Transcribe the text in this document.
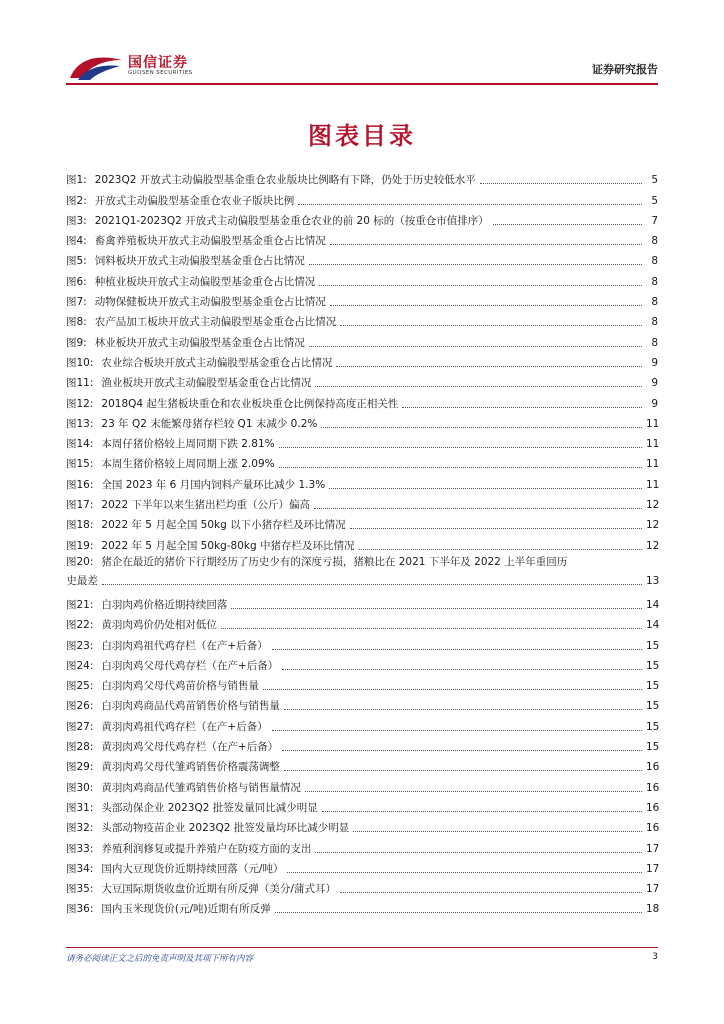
国信证券
GUOSEN SECURITIES	证券研究报告
图表目录
图1: 2023Q2 开放式主动偏股型基金重仓农业版块比例略有下降，仍处于历史较低水平	5
图2: 开放式主动偏股型基金重仓农业子版块比例	5
图3: 2021Q1-2023Q2 开放式主动偏股型基金重仓农业的前 20 标的（按重仓市值排序）	7
图4: 畜禽养殖板块开放式主动偏股型基金重仓占比情况	8
图5: 饲料板块开放式主动偏股型基金重仓占比情况	8
图6: 种植业板块开放式主动偏股型基金重仓占比情况	8
图7: 动物保健板块开放式主动偏股型基金重仓占比情况	8
图8: 农产品加工板块开放式主动偏股型基金重仓占比情况	8
图9: 林业板块开放式主动偏股型基金重仓占比情况	8
图10: 农业综合板块开放式主动偏股型基金重仓占比情况	9
图11: 渔业板块开放式主动偏股型基金重仓占比情况	9
图12: 2018Q4 起生猪板块重仓和农业板块重仓比例保持高度正相关性	9
图13: 23 年 Q2 末能繁母猪存栏较 Q1 末减少 0.2%	11
图14: 本周仔猪价格较上周同期下跌 2.81%	11
图15: 本周生猪价格较上周同期上涨 2.09%	11
图16: 全国 2023 年 6 月国内饲料产量环比减少 1.3%	11
图17: 2022 下半年以来生猪出栏均重（公斤）偏高	12
图18: 2022 年 5 月起全国 50kg 以下小猪存栏及环比情况	12
图19: 2022 年 5 月起全国 50kg-80kg 中猪存栏及环比情况	12
图20: 猪企在最近的猪价下行期经历了历史少有的深度亏损，猪粮比在 2021 下半年及 2022 上半年重回历
史最差	13
图21: 白羽肉鸡价格近期持续回落	14
图22: 黄羽肉鸡价仍处相对低位	14
图23: 白羽肉鸡祖代鸡存栏（在产+后备）	15
图24: 白羽肉鸡父母代鸡存栏（在产+后备）	15
图25: 白羽肉鸡父母代鸡苗价格与销售量	15
图26: 白羽肉鸡商品代鸡苗销售价格与销售量	15
图27: 黄羽肉鸡祖代鸡存栏（在产+后备）	15
图28: 黄羽肉鸡父母代鸡存栏（在产+后备）	15
图29: 黄羽肉鸡父母代雏鸡销售价格震荡调整	16
图30: 黄羽肉鸡商品代雏鸡销售价格与销售量情况	16
图31: 头部动保企业 2023Q2 批签发量同比减少明显	16
图32: 头部动物疫苗企业 2023Q2 批签发量均环比减少明显	16
图33: 养殖利润修复或提升养殖户在防疫方面的支出	17
图34: 国内大豆现货价近期持续回落（元/吨）	17
图35: 大豆国际期货收盘价近期有所反弹（美分/蒲式耳）	17
图36: 国内玉米现货价(元/吨)近期有所反弹	18
请务必阅读正文之后的免责声明及其项下所有内容	3
